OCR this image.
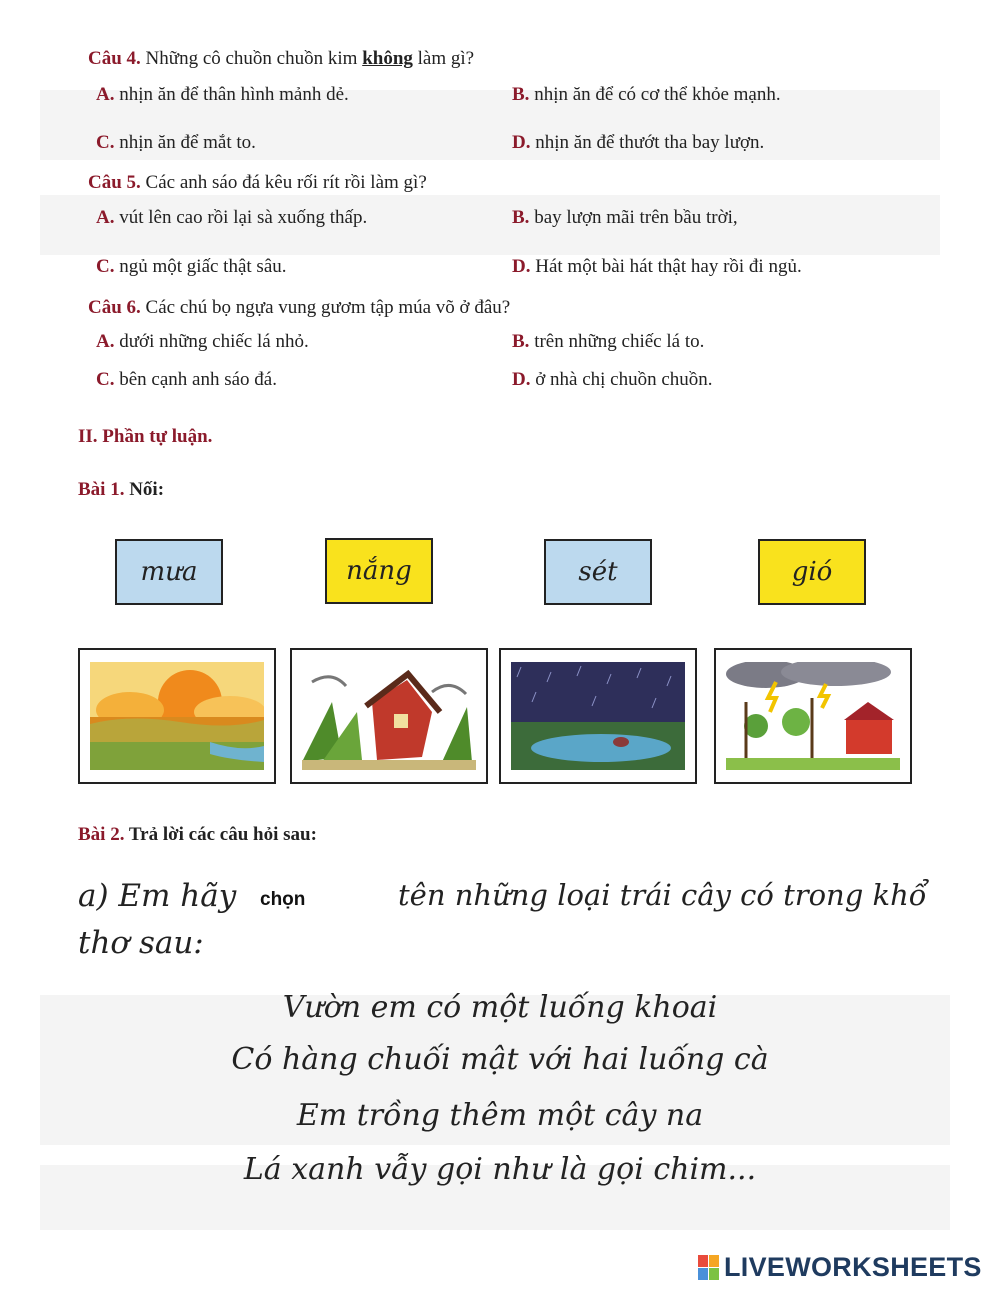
Câu 4. Những cô chuồn chuồn kim không làm gì?
A. nhịn ăn để thân hình mảnh dẻ.	B. nhịn ăn để có cơ thể khỏe mạnh.
C. nhịn ăn để mắt to.	D. nhịn ăn để thướt tha bay lượn.
Câu 5. Các anh sáo đá kêu rối rít rồi làm gì?
A. vút lên cao rồi lại sà xuống thấp.	B. bay lượn mãi trên bầu trời,
C. ngủ một giấc thật sâu.	D. Hát một bài hát thật hay rồi đi ngủ.
Câu 6. Các chú bọ ngựa vung gươm tập múa võ ở đâu?
A. dưới những chiếc lá nhỏ.	B. trên những chiếc lá to.
C. bên cạnh anh sáo đá.	D. ở nhà chị chuồn chuồn.
II. Phần tự luận.
Bài 1. Nối:
mưa	nắng	sét	gió
Bài 2. Trả lời các câu hỏi sau:
a) Em hãy	chọn	tên những loại trái cây có trong khổ
thơ sau:
Vườn em có một luống khoai
Có hàng chuối mật với hai luống cà
Em trồng thêm một cây na
Lá xanh vẫy gọi như là gọi chim...
LIVEWORKSHEETS
